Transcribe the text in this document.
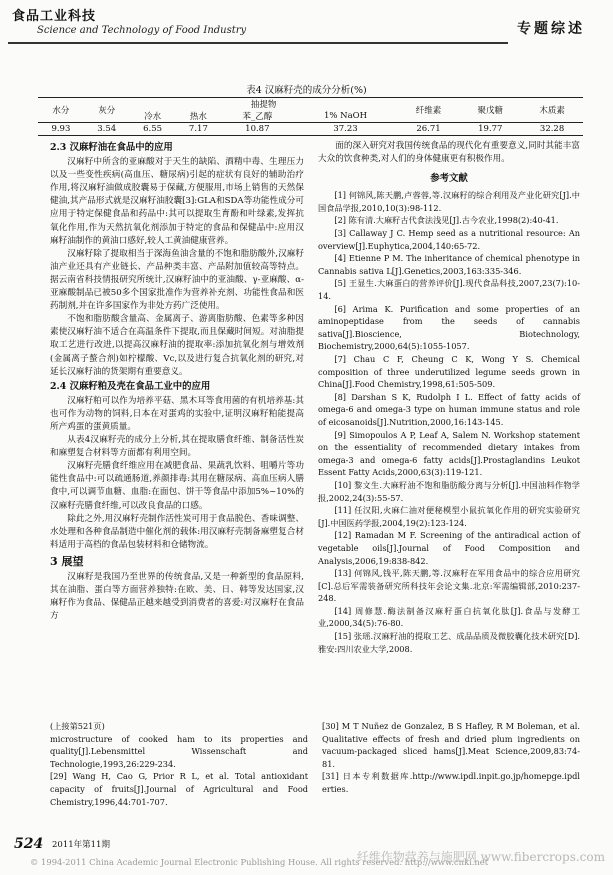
食品工业科技
Science and Technology of Food Industry	专题综述
表4 汉麻籽壳的成分分析(%)
水分	灰分	抽提物				纤维素	聚戊糖	木质素
		冷水	热水	苯_乙醇	1% NaOH			
9.93	3.54	6.55	7.17	10.87	37.23	26.71	19.77	32.28
2.3 汉麻籽油在食品中的应用

汉麻籽中所含的亚麻酸对于天生的缺陷、酒精中毒、生理压力以及一些变性疾病(高血压、糖尿病)引起的症状有良好的辅助治疗作用,将汉麻籽油做成胶囊易于保藏,方便服用,市场上销售的天然保健油,其产品形式就是汉麻籽油胶囊[3]:GLA和SDA等功能性成分可应用于特定保健食品和药品中:其可以提取生育酚和叶绿素,发挥抗氧化作用,作为天然抗氧化剂添加于特定的食品和保健品中:应用汉麻籽油制作的黄油口感好,较人工黄油健康营养。

汉麻籽除了提取相当于深海鱼油含量的不饱和脂肪酸外,汉麻籽油产业还具有产业链长、产品种类丰富、产品附加值较高等特点。据云南省科技情报研究所统计,汉麻籽油中的亚油酸、γ-亚麻酸、α-亚麻酸制品已被50多个国家批准作为营养补充剂、功能性食品和医药制剂,并在许多国家作为非处方药广泛使用。

不饱和脂肪酸含量高、金属离子、游离脂肪酸、色素等多种因素使汉麻籽油不适合在高温条件下提取,而且保藏时间短。对油脂提取工艺进行改进,以提高汉麻籽油的提取率:添加抗氧化剂与增效剂(金属离子螯合剂)如柠檬酸、Vc,以及进行复合抗氧化剂的研究,对延长汉麻籽油的货架期有重要意义。

2.4 汉麻籽粕及壳在食品工业中的应用

汉麻籽粕可以作为培养平菇、黑木耳等食用菌的有机培养基:其也可作为动物的饲料,日本在对蛋鸡的实验中,证明汉麻籽粕能提高所产鸡蛋的蛋黄质量。

从表4汉麻籽壳的成分上分析,其在提取膳食纤维、制备活性炭和麻塑复合材料等方面都有利用空间。

汉麻籽壳膳食纤维应用在减肥食品、果蔬乳饮料、咀嚼片等功能性食品中:可以疏通肠道,养颜排毒:其用在糖尿病、高血压病人膳食中,可以调节血糖、血脂:在面包、饼干等食品中添加5%~10%的汉麻籽壳膳食纤维,可以改良食品的口感。

除此之外,用汉麻籽壳制作活性炭可用于食品脱色、香味调整、水处理和各种食品制造中催化剂的载体:用汉麻籽壳制备麻塑复合材料适用于高档的食品包装材料和仓储物流。

3 展望

汉麻籽是我国乃至世界的传统食品,又是一种新型的食品原料,其在油脂、蛋白等方面营养独特:在欧、美、日、韩等发达国家,汉麻籽作为食品、保健品正越来越受到消费者的喜爱:对汉麻籽在食品方

面的深入研究对我国传统食品的现代化有重要意义,同时其能丰富大众的饮食种类,对人们的身体健康更有积极作用。

参考文献

[1] 何锦风,陈天鹏,卢蓉蓉,等.汉麻籽的综合利用及产业化研究[J].中国食品学报,2010,10(3):98-112.

[2] 陈有清.大麻籽古代食法浅见[J].古今农业,1998(2):40-41.

[3] Callaway J C. Hemp seed as a nutritional resource: An overview[J].Euphytica,2004,140:65-72.

[4] Etienne P M. The inheritance of chemical phenotype in Cannabis sativa L[J].Genetics,2003,163:335-346.

[5] 王显生.大麻蛋白的营养评价[J].现代食品科技,2007,23(7):10-14.

[6] Arima K. Purification and some properties of an aminopeptidase from the seeds of cannabis sativa[J].Bioscience, Biotechnology, Biochemistry,2000,64(5):1055-1057.

[7] Chau C F, Cheung C K, Wong Y S. Chemical composition of three underutilized legume seeds grown in China[J].Food Chemistry,1998,61:505-509.

[8] Darshan S K, Rudolph I L. Effect of fatty acids of omega-6 and omega-3 type on human immune status and role of eicosanoids[J].Nutrition,2000,16:143-145.

[9] Simopoulos A P, Leaf A, Salem N. Workshop statement on the essentiality of recommended dietary intakes from omega-3 and omega-6 fatty acids[J].Prostaglandins Leukot Essent Fatty Acids,2000,63(3):119-121.

[10] 黎文生.大麻籽油不饱和脂肪酸分离与分析[J].中国油料作物学报,2002,24(3):55-57.

[11] 任汉阳,火麻仁油对便秘模型小鼠抗氧化作用的研究实验研究[J].中国医药学报,2004,19(2):123-124.

[12] Ramadan M F. Screening of the antiradical action of vegetable oils[J].Journal of Food Composition and Analysis,2006,19:838-842.

[13] 何锦风,钱平,陈天鹏,等.汉麻籽在军用食品中的综合应用研究[C].总后军需装备研究所科技年会论文集.北京:军需编辑部,2010:237-248.

[14] 周修慧.酶法制备汉麻籽蛋白抗氧化肽[J].食品与发酵工业,2000,34(5):76-80.

[15] 张瑶.汉麻籽油的提取工艺、成品品质及微胶囊化技术研究[D].雅安:四川农业大学,2008.

(上接第521页)

microstructure of cooked ham to its properties and quality[J].Lebensmittel Wissenschaft and Technologie,1993,26:229-234.

[29] Wang H, Cao G, Prior R L, et al. Total antioxidant capacity of fruits[J].Journal of Agricultural and Food Chemistry,1996,44:701-707.

[30] M T Nuñez de Gonzalez, B S Hafley, R M Boleman, et al. Qualitative effects of fresh and dried plum ingredients on vacuum-packaged sliced hams[J].Meat Science,2009,83:74-81.

[31] 日本专利数据库.http://www.ipdl.inpit.go.jp/homepge.ipdl erties.

524 2011年第11期
© 1994-2011 China Academic Journal Electronic Publishing House. All rights reserved. http://www.cnki.net
纤维作物营养与施肥网 www.fibercrops.com
